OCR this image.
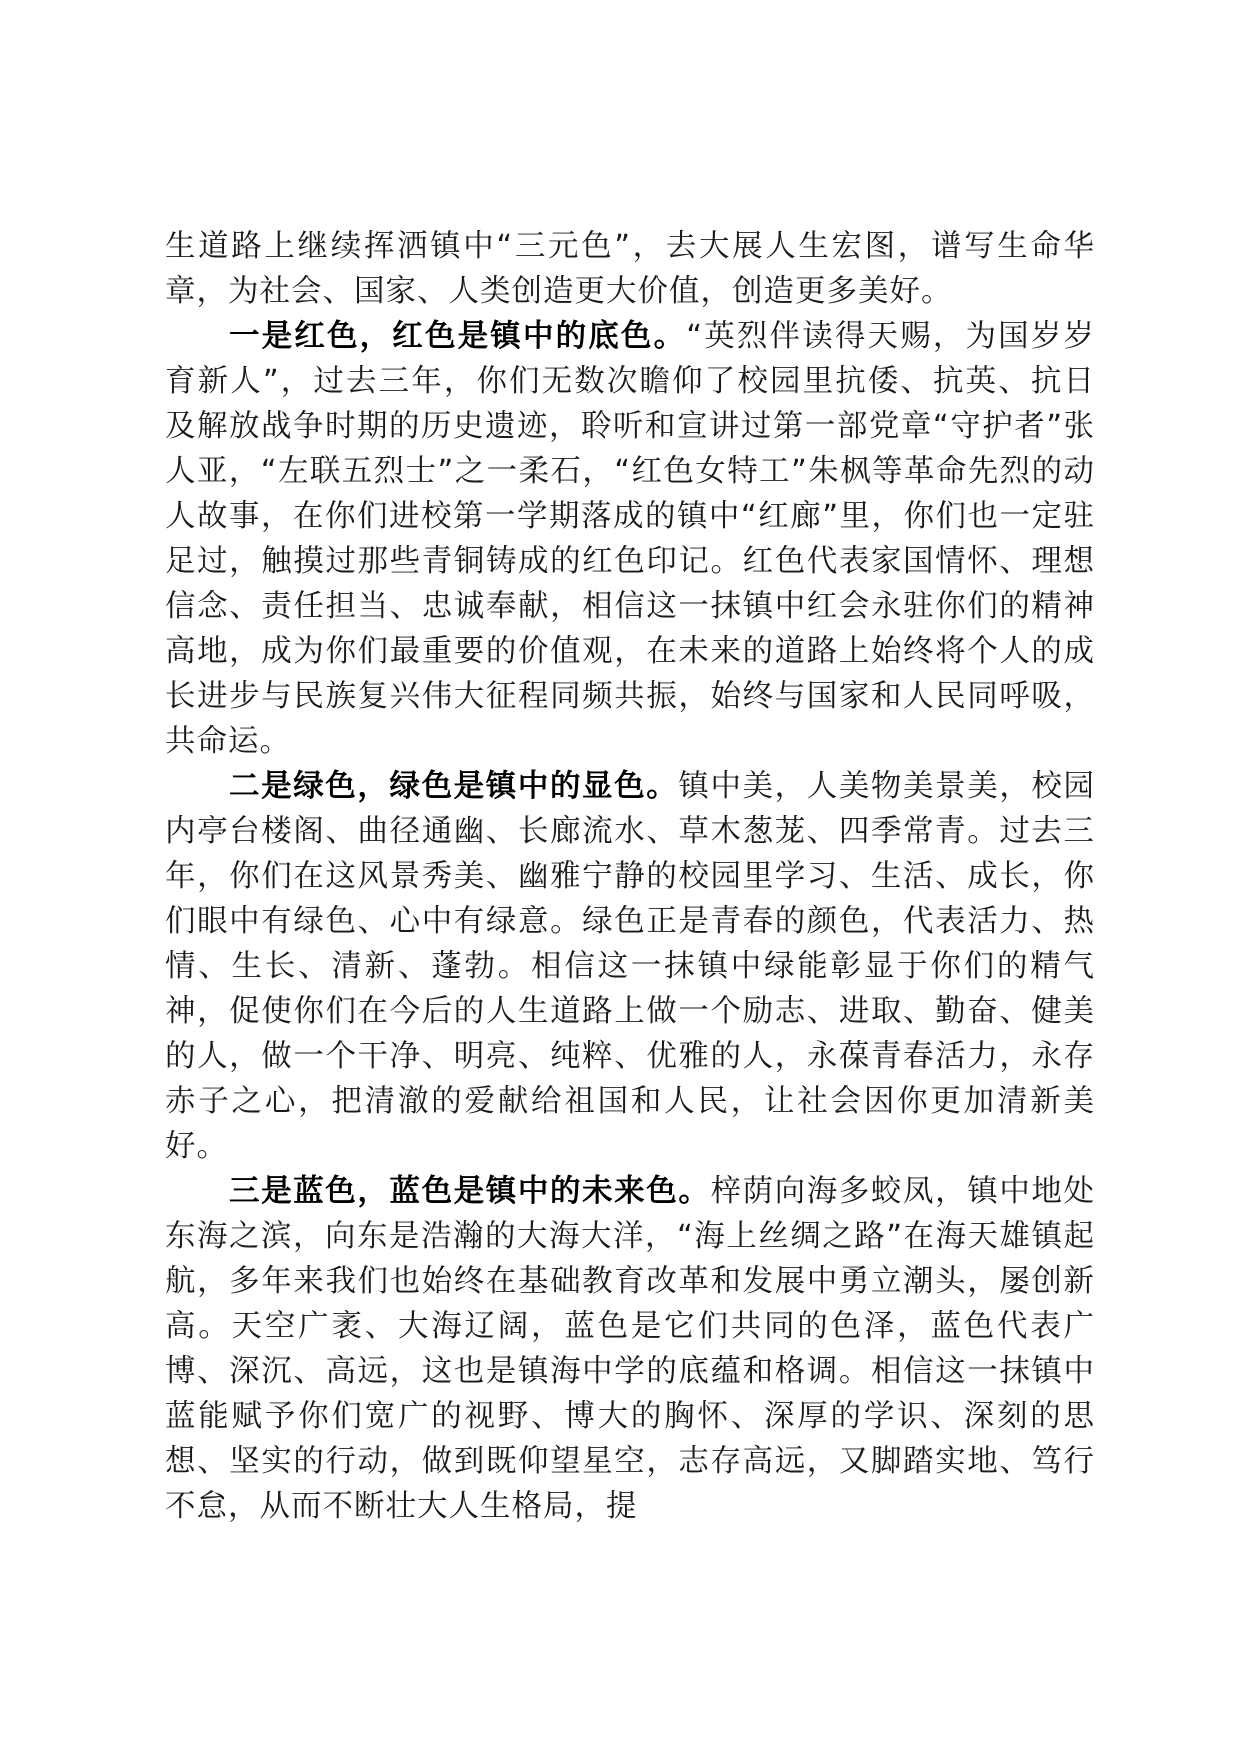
生道路上继续挥洒镇中“三元色”，去大展人生宏图，谱写生命华章，为社会、国家、人类创造更大价值，创造更多美好。

一是红色，红色是镇中的底色。“英烈伴读得天赐，为国岁岁育新人”，过去三年，你们无数次瞻仰了校园里抗倭、抗英、抗日及解放战争时期的历史遗迹，聆听和宣讲过第一部党章“守护者”张人亚，“左联五烈士”之一柔石，“红色女特工”朱枫等革命先烈的动人故事，在你们进校第一学期落成的镇中“红廊”里，你们也一定驻足过，触摸过那些青铜铸成的红色印记。红色代表家国情怀、理想信念、责任担当、忠诚奉献，相信这一抹镇中红会永驻你们的精神高地，成为你们最重要的价值观，在未来的道路上始终将个人的成长进步与民族复兴伟大征程同频共振，始终与国家和人民同呼吸，共命运。

二是绿色，绿色是镇中的显色。镇中美，人美物美景美，校园内亭台楼阁、曲径通幽、长廊流水、草木葱茏、四季常青。过去三年，你们在这风景秀美、幽雅宁静的校园里学习、生活、成长，你们眼中有绿色、心中有绿意。绿色正是青春的颜色，代表活力、热情、生长、清新、蓬勃。相信这一抹镇中绿能彰显于你们的精气神，促使你们在今后的人生道路上做一个励志、进取、勤奋、健美的人，做一个干净、明亮、纯粹、优雅的人，永葆青春活力，永存赤子之心，把清澈的爱献给祖国和人民，让社会因你更加清新美好。

三是蓝色，蓝色是镇中的未来色。梓荫向海多蛟凤，镇中地处东海之滨，向东是浩瀚的大海大洋，“海上丝绸之路”在海天雄镇起航，多年来我们也始终在基础教育改革和发展中勇立潮头，屡创新高。天空广袤、大海辽阔，蓝色是它们共同的色泽，蓝色代表广博、深沉、高远，这也是镇海中学的底蕴和格调。相信这一抹镇中蓝能赋予你们宽广的视野、博大的胸怀、深厚的学识、深刻的思想、坚实的行动，做到既仰望星空，志存高远，又脚踏实地、笃行不怠，从而不断壮大人生格局，提
